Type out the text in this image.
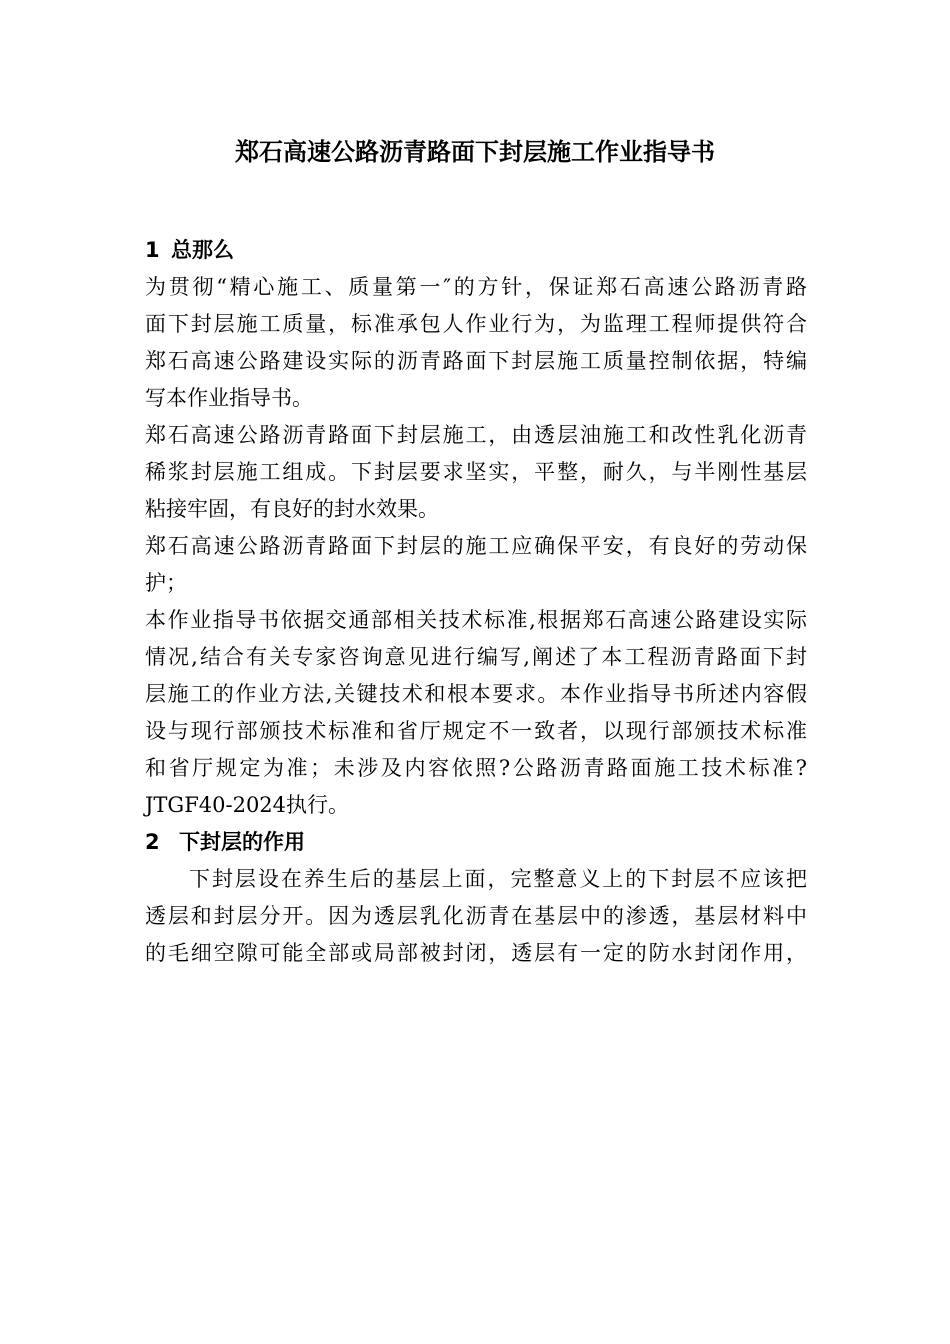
郑石高速公路沥青路面下封层施工作业指导书
1 总那么
为贯彻“精心施工、质量第一″的方针，保证郑石高速公路沥青路
面下封层施工质量，标准承包人作业行为，为监理工程师提供符合
郑石高速公路建设实际的沥青路面下封层施工质量控制依据，特编
写本作业指导书。
郑石高速公路沥青路面下封层施工，由透层油施工和改性乳化沥青
稀浆封层施工组成。下封层要求坚实，平整，耐久，与半刚性基层
粘接牢固，有良好的封水效果。
郑石高速公路沥青路面下封层的施工应确保平安，有良好的劳动保
护；
本作业指导书依据交通部相关技术标准,根据郑石高速公路建设实际
情况,结合有关专家咨询意见进行编写,阐述了本工程沥青路面下封
层施工的作业方法,关键技术和根本要求。本作业指导书所述内容假
设与现行部颁技术标准和省厅规定不一致者，以现行部颁技术标准
和省厅规定为准；未涉及内容依照?公路沥青路面施工技术标准?
JTGF40-2024执行。
2 下封层的作用
下封层设在养生后的基层上面，完整意义上的下封层不应该把
透层和封层分开。因为透层乳化沥青在基层中的渗透，基层材料中
的毛细空隙可能全部或局部被封闭，透层有一定的防水封闭作用，
